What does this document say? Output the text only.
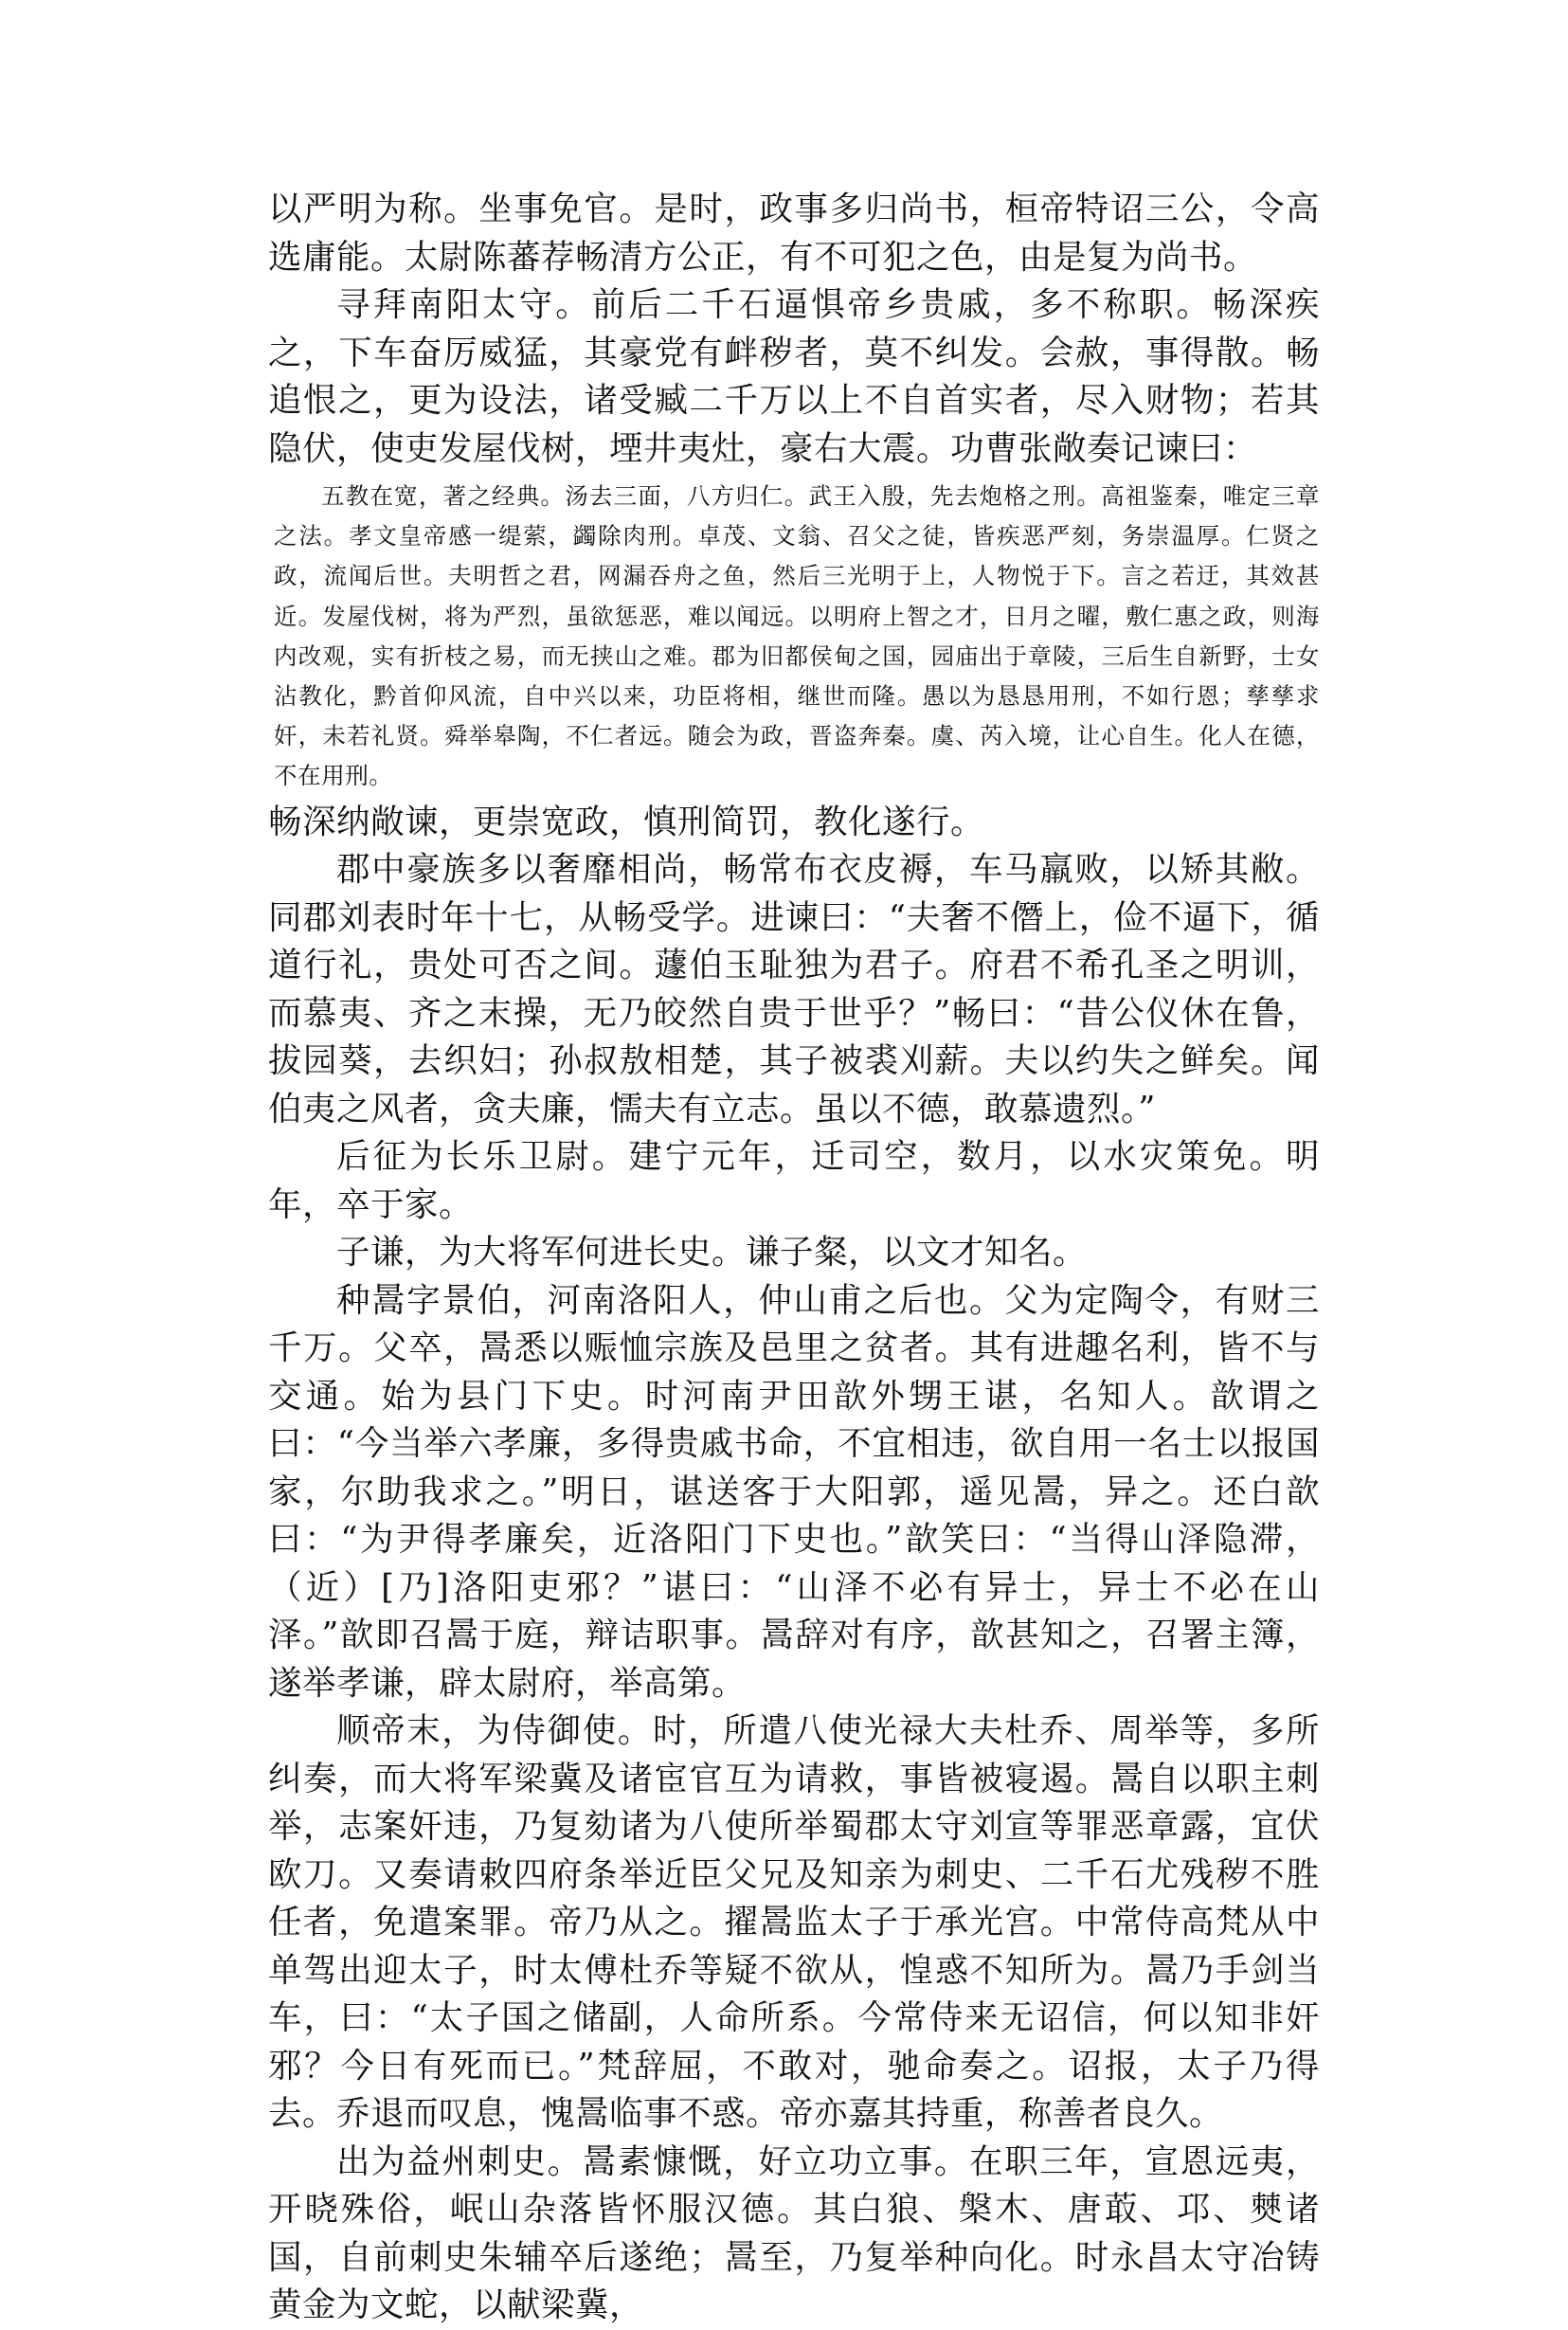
以严明为称。坐事免官。是时，政事多归尚书，桓帝特诏三公，令高选庸能。太尉陈蕃荐畅清方公正，有不可犯之色，由是复为尚书。

寻拜南阳太守。前后二千石逼惧帝乡贵戚，多不称职。畅深疾之，下车奋厉威猛，其豪党有衅秽者，莫不纠发。会赦，事得散。畅追恨之，更为设法，诸受臧二千万以上不自首实者，尽入财物；若其隐伏，使吏发屋伐树，堙井夷灶，豪右大震。功曹张敞奏记谏曰：

五教在宽，著之经典。汤去三面，八方归仁。武王入殷，先去炮格之刑。高祖鉴秦，唯定三章之法。孝文皇帝感一缇萦，蠲除肉刑。卓茂、文翁、召父之徒，皆疾恶严刻，务崇温厚。仁贤之政，流闻后世。夫明哲之君，网漏吞舟之鱼，然后三光明于上，人物悦于下。言之若迂，其效甚近。发屋伐树，将为严烈，虽欲惩恶，难以闻远。以明府上智之才，日月之曜，敷仁惠之政，则海内改观，实有折枝之易，而无挟山之难。郡为旧都侯甸之国，园庙出于章陵，三后生自新野，士女沾教化，黔首仰风流，自中兴以来，功臣将相，继世而隆。愚以为恳恳用刑，不如行恩；孳孳求奸，未若礼贤。舜举皋陶，不仁者远。随会为政，晋盗奔秦。虞、芮入境，让心自生。化人在德，不在用刑。

畅深纳敞谏，更崇宽政，慎刑简罚，教化遂行。

郡中豪族多以奢靡相尚，畅常布衣皮褥，车马羸败，以矫其敝。同郡刘表时年十七，从畅受学。进谏曰：“夫奢不僭上，俭不逼下，循道行礼，贵处可否之间。蘧伯玉耻独为君子。府君不希孔圣之明训，而慕夷、齐之末操，无乃皎然自贵于世乎？”畅曰：“昔公仪休在鲁，拔园葵，去织妇；孙叔敖相楚，其子被裘刈薪。夫以约失之鲜矣。闻伯夷之风者，贪夫廉，懦夫有立志。虽以不德，敢慕遗烈。”

后征为长乐卫尉。建宁元年，迁司空，数月，以水灾策免。明年，卒于家。

子谦，为大将军何进长史。谦子粲，以文才知名。

种暠字景伯，河南洛阳人，仲山甫之后也。父为定陶令，有财三千万。父卒，暠悉以赈恤宗族及邑里之贫者。其有进趣名利，皆不与交通。始为县门下史。时河南尹田歆外甥王谌，名知人。歆谓之曰：“今当举六孝廉，多得贵戚书命，不宜相违，欲自用一名士以报国家，尔助我求之。”明日，谌送客于大阳郭，遥见暠，异之。还白歆曰：“为尹得孝廉矣，近洛阳门下史也。”歆笑曰：“当得山泽隐滞，（近）[乃]洛阳吏邪？”谌曰：“山泽不必有异士，异士不必在山泽。”歆即召暠于庭，辩诘职事。暠辞对有序，歆甚知之，召署主簿，遂举孝谦，辟太尉府，举高第。

顺帝末，为侍御使。时，所遣八使光禄大夫杜乔、周举等，多所纠奏，而大将军梁冀及诸宦官互为请救，事皆被寝遏。暠自以职主刺举，志案奸违，乃复劾诸为八使所举蜀郡太守刘宣等罪恶章露，宜伏欧刀。又奏请敕四府条举近臣父兄及知亲为刺史、二千石尤残秽不胜任者，免遣案罪。帝乃从之。擢暠监太子于承光宫。中常侍高梵从中单驾出迎太子，时太傅杜乔等疑不欲从，惶惑不知所为。暠乃手剑当车，曰：“太子国之储副，人命所系。今常侍来无诏信，何以知非奸邪？今日有死而已。”梵辞屈，不敢对，驰命奏之。诏报，太子乃得去。乔退而叹息，愧暠临事不惑。帝亦嘉其持重，称善者良久。

出为益州刺史。暠素慷慨，好立功立事。在职三年，宣恩远夷，开晓殊俗，岷山杂落皆怀服汉德。其白狼、槃木、唐菆、邛、僰诸国，自前刺史朱辅卒后遂绝；暠至，乃复举种向化。时永昌太守冶铸黄金为文蛇，以献梁冀，
